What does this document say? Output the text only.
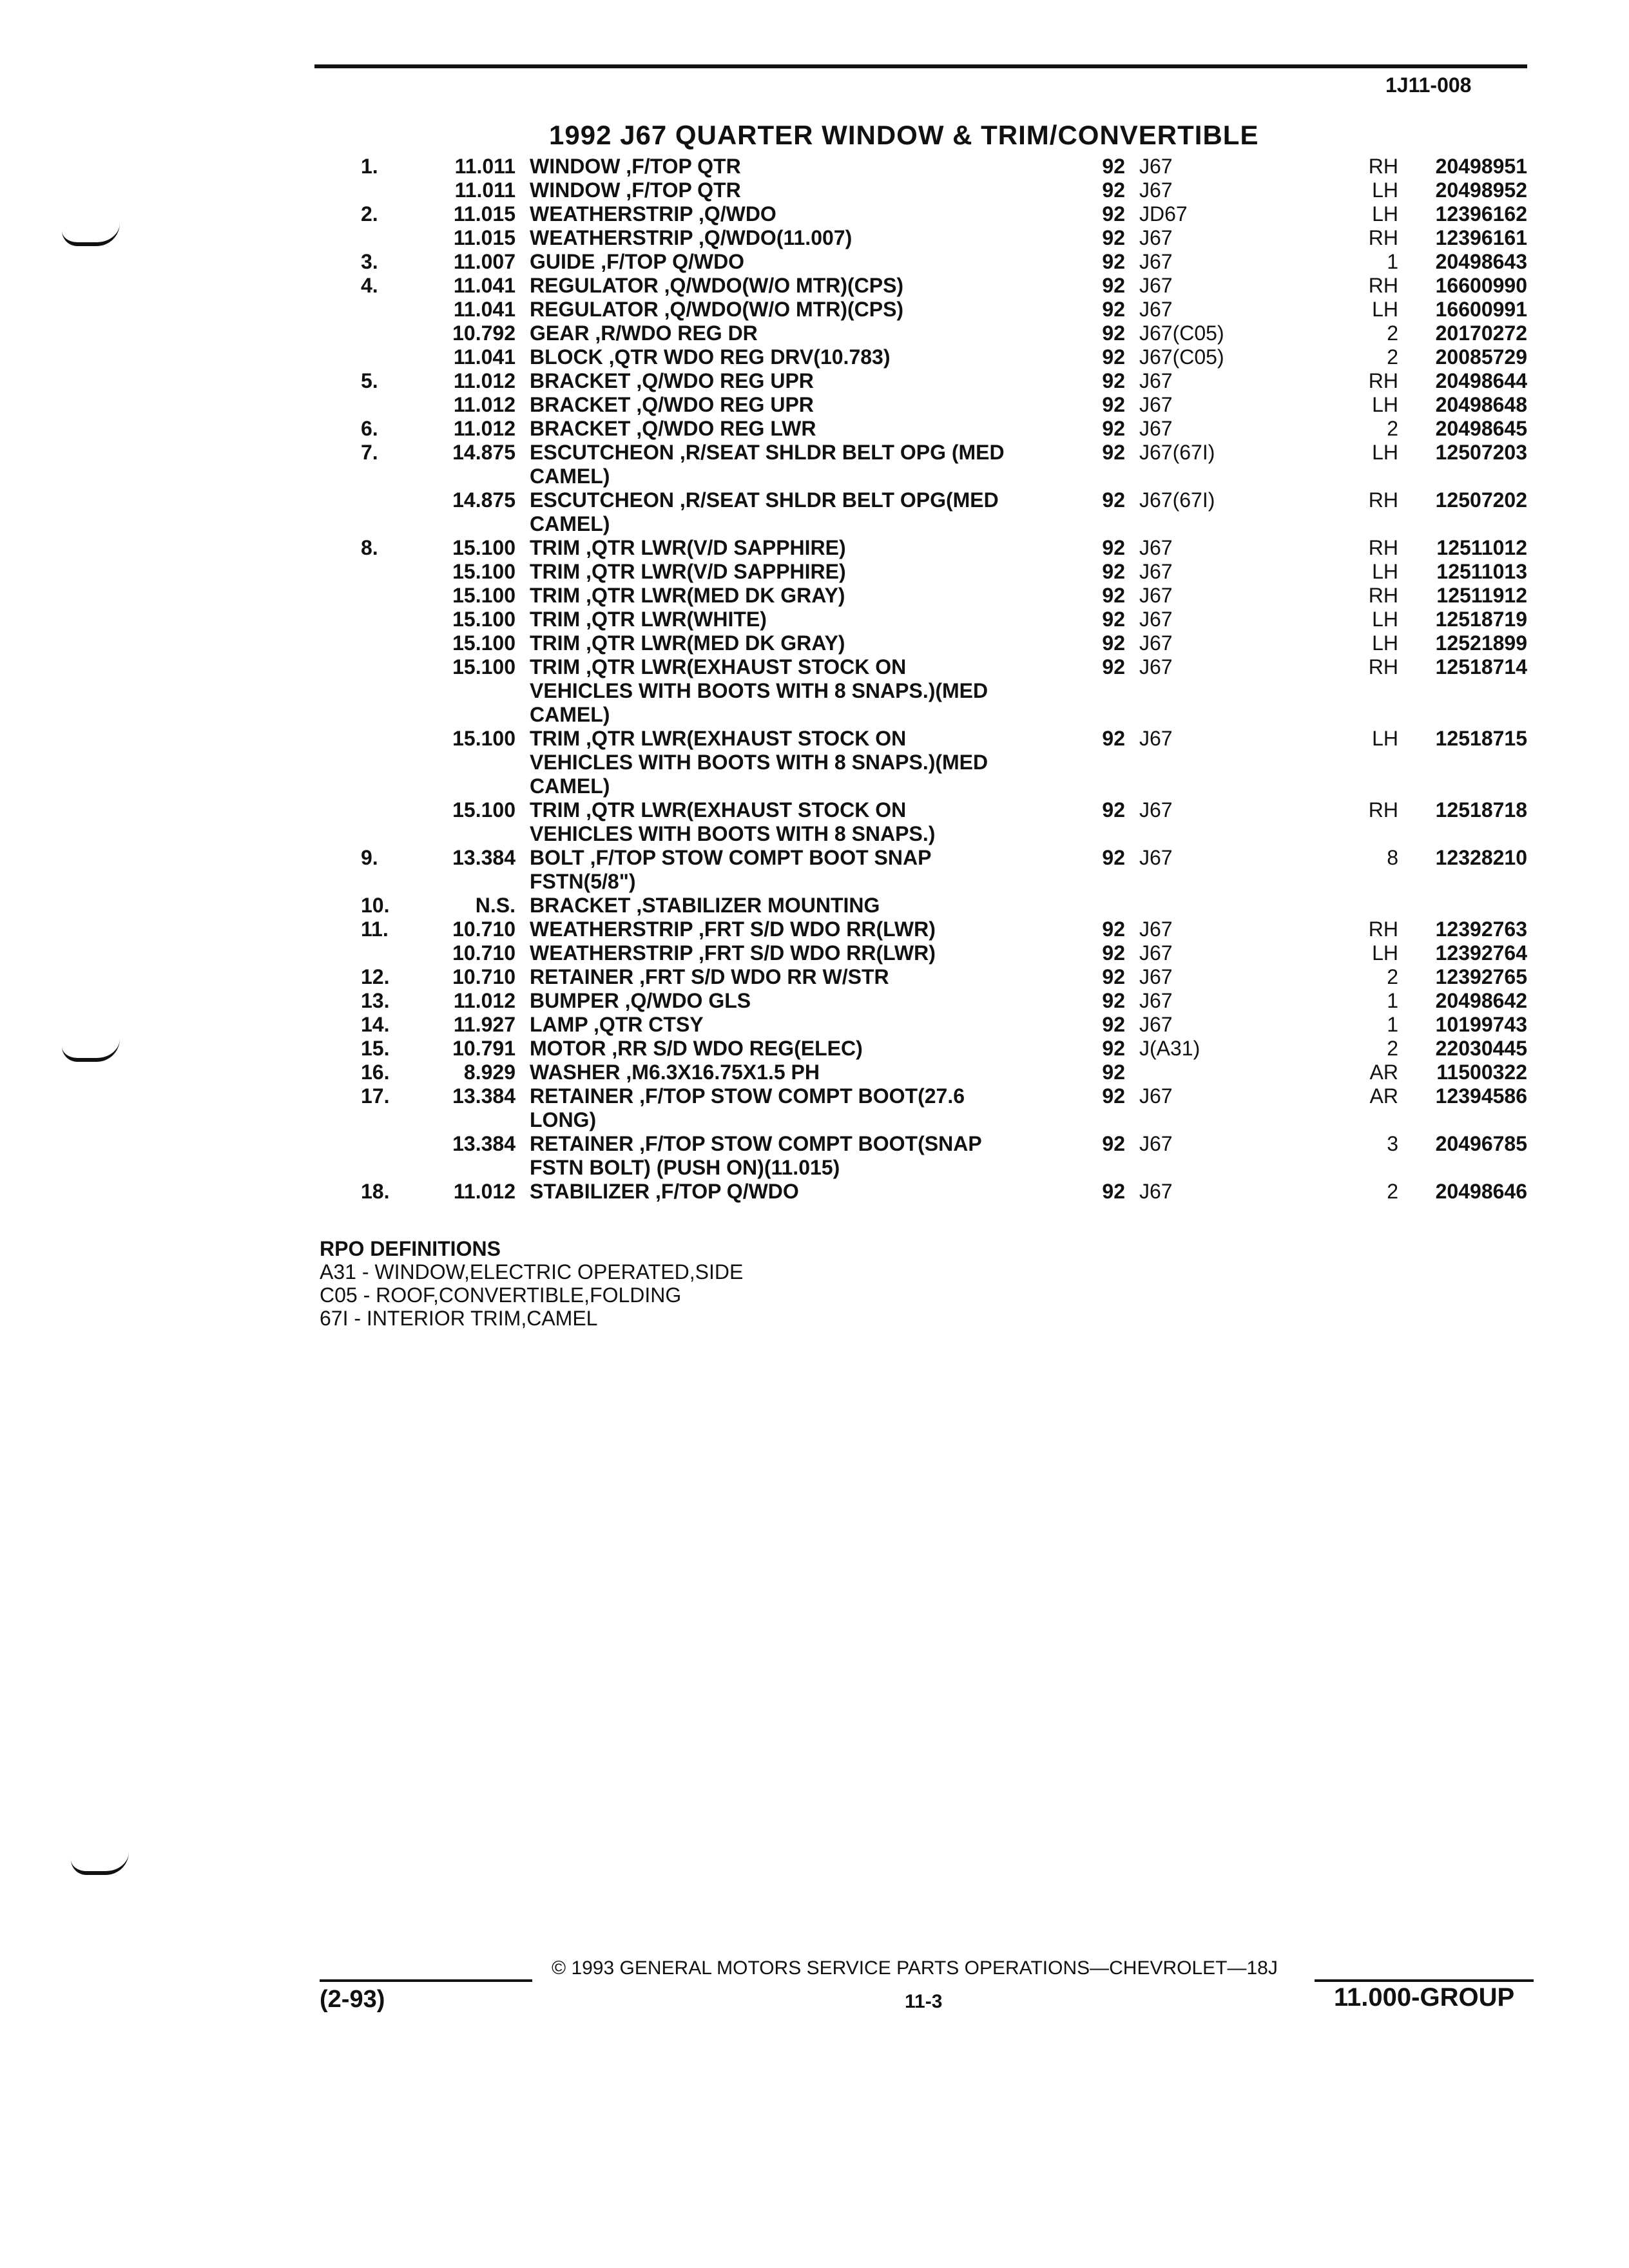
1J11-008
1992 J67 QUARTER WINDOW & TRIM/CONVERTIBLE
1.	11.011 WINDOW ,F/TOP QTR	92 J67	RH	20498951
11.011 WINDOW ,F/TOP QTR	92 J67	LH	20498952
2.	11.015 WEATHERSTRIP ,Q/WDO	92 JD67	LH	12396162
11.015 WEATHERSTRIP ,Q/WDO(11.007)	92 J67	RH	12396161
3.	11.007 GUIDE ,F/TOP Q/WDO	92 J67	1	20498643
4.	11.041 REGULATOR ,Q/WDO(W/O MTR)(CPS)	92 J67	RH	16600990
11.041 REGULATOR ,Q/WDO(W/O MTR)(CPS)	92 J67	LH	16600991
10.792 GEAR ,R/WDO REG DR	92 J67(C05)	2	20170272
11.041 BLOCK ,QTR WDO REG DRV(10.783)	92 J67(C05)	2	20085729
5.	11.012 BRACKET ,Q/WDO REG UPR	92 J67	RH	20498644
11.012 BRACKET ,Q/WDO REG UPR	92 J67	LH	20498648
6.	11.012 BRACKET ,Q/WDO REG LWR	92 J67	2	20498645
7.	14.875 ESCUTCHEON ,R/SEAT SHLDR BELT OPG (MED
CAMEL)
92 J67(67I)	LH	12507203
14.875 ESCUTCHEON ,R/SEAT SHLDR BELT OPG(MED
CAMEL)
92 J67(67I)	RH	12507202
8.	15.100 TRIM ,QTR LWR(V/D SAPPHIRE)	92 J67	RH	12511012
15.100 TRIM ,QTR LWR(V/D SAPPHIRE)	92 J67	LH	12511013
15.100 TRIM ,QTR LWR(MED DK GRAY)	92 J67	RH	12511912
15.100 TRIM ,QTR LWR(WHITE)	92 J67	LH	12518719
15.100 TRIM ,QTR LWR(MED DK GRAY)	92 J67	LH	12521899
15.100 TRIM ,QTR LWR(EXHAUST STOCK ON
VEHICLES WITH BOOTS WITH 8 SNAPS.)(MED
CAMEL)
92 J67	RH	12518714
15.100 TRIM ,QTR LWR(EXHAUST STOCK ON
VEHICLES WITH BOOTS WITH 8 SNAPS.)(MED
CAMEL)
92 J67	LH	12518715
15.100 TRIM ,QTR LWR(EXHAUST STOCK ON
VEHICLES WITH BOOTS WITH 8 SNAPS.)
92 J67	RH	12518718
9.	13.384 BOLT ,F/TOP STOW COMPT BOOT SNAP
FSTN(5/8")
92 J67	8	12328210
10.	N.S. BRACKET ,STABILIZER MOUNTING
11.	10.710 WEATHERSTRIP ,FRT S/D WDO RR(LWR)	92 J67	RH	12392763
10.710 WEATHERSTRIP ,FRT S/D WDO RR(LWR)	92 J67	LH	12392764
12.	10.710 RETAINER ,FRT S/D WDO RR W/STR	92 J67	2	12392765
13.	11.012 BUMPER ,Q/WDO GLS	92 J67	1	20498642
14.	11.927 LAMP ,QTR CTSY	92 J67	1	10199743
15.	10.791 MOTOR ,RR S/D WDO REG(ELEC)	92 J(A31)	2	22030445
16.	8.929 WASHER ,M6.3X16.75X1.5 PH	92	AR	11500322
17.	13.384 RETAINER ,F/TOP STOW COMPT BOOT(27.6
LONG)
92 J67	AR	12394586
13.384 RETAINER ,F/TOP STOW COMPT BOOT(SNAP
FSTN BOLT) (PUSH ON)(11.015)
92 J67	3	20496785
18.	11.012 STABILIZER ,F/TOP Q/WDO	92 J67	2	20498646
RPO DEFINITIONS
A31 - WINDOW,ELECTRIC OPERATED,SIDE
C05 - ROOF,CONVERTIBLE,FOLDING
67I - INTERIOR TRIM,CAMEL
© 1993 GENERAL MOTORS SERVICE PARTS OPERATIONS—CHEVROLET—18J
(2-93)	11-3	11.000-GROUP
